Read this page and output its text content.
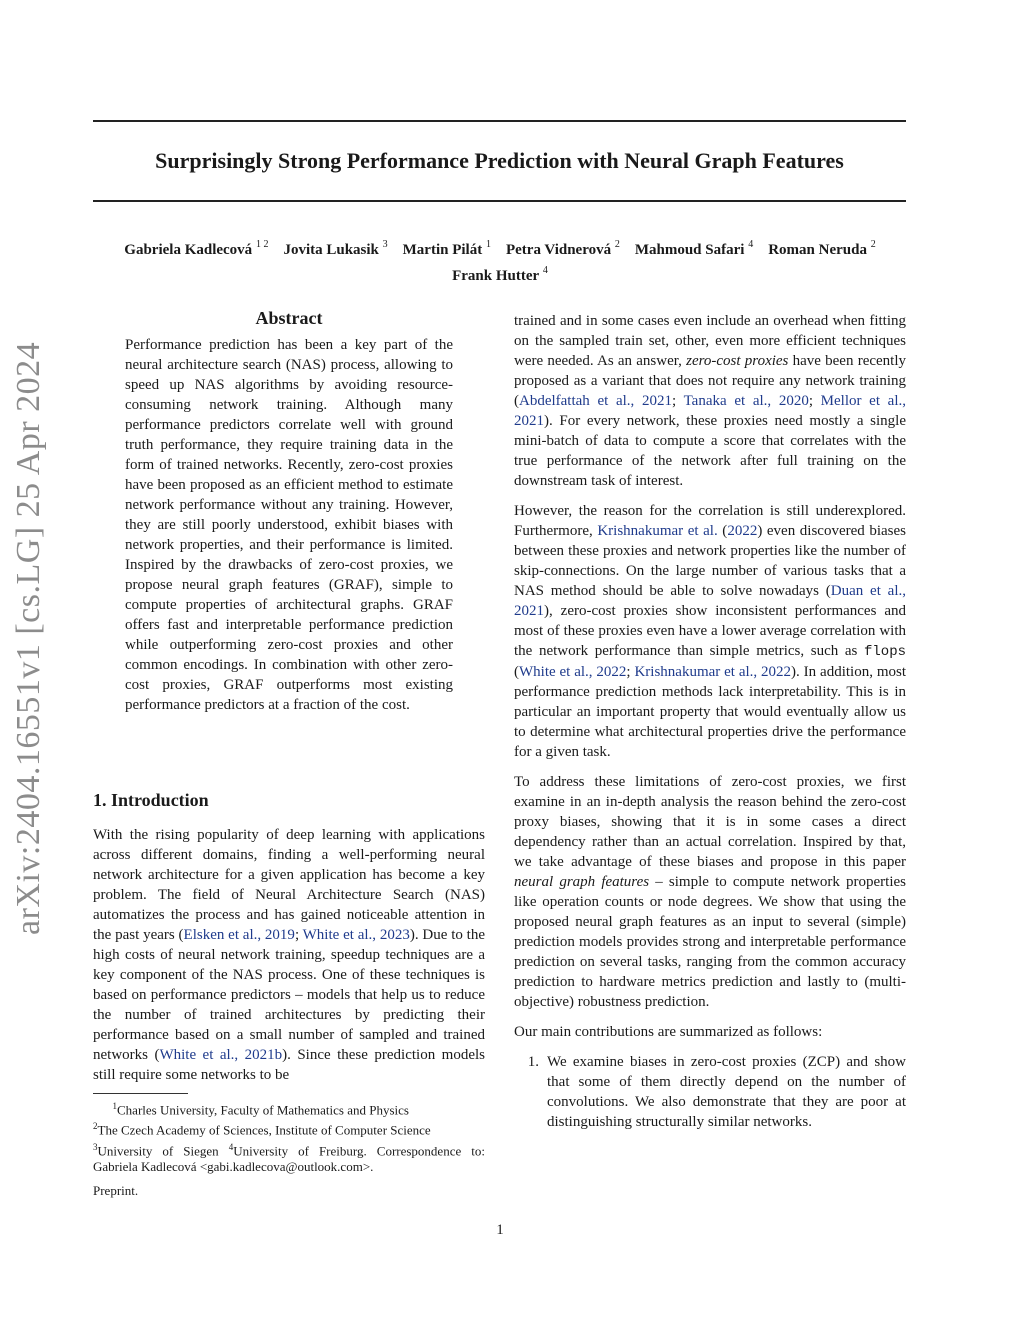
arXiv:2404.16551v1 [cs.LG] 25 Apr 2024
Surprisingly Strong Performance Prediction with Neural Graph Features
Gabriela Kadlecová $^{1 2}$ Jovita Lukasik $^3$ Martin Pilát $^1$ Petra Vidnerová $^2$ Mahmoud Safari $^4$ Roman Neruda $^2$
Frank Hutter $^4$
Abstract
Performance prediction has been a key part of the neural architecture search (NAS) process, allowing to speed up NAS algorithms by avoiding resource-consuming network training. Although many performance predictors correlate well with ground truth performance, they require training data in the form of trained networks. Recently, zero-cost proxies have been proposed as an efficient method to estimate network performance without any training. However, they are still poorly understood, exhibit biases with network properties, and their performance is limited. Inspired by the drawbacks of zero-cost proxies, we propose neural graph features (GRAF), simple to compute properties of architectural graphs. GRAF offers fast and interpretable performance prediction while outperforming zero-cost proxies and other common encodings. In combination with other zero-cost proxies, GRAF outperforms most existing performance predictors at a fraction of the cost.
1. Introduction
With the rising popularity of deep learning with applications across different domains, finding a well-performing neural network architecture for a given application has become a key problem. The field of Neural Architecture Search (NAS) automatizes the process and has gained noticeable attention in the past years (Elsken et al., 2019; White et al., 2023). Due to the high costs of neural network training, speedup techniques are a key component of the NAS process. One of these techniques is based on performance predictors – models that help us to reduce the number of trained architectures by predicting their performance based on a small number of sampled and trained networks (White et al., 2021b). Since these prediction models still require some networks to be
$^1$Charles University, Faculty of Mathematics and Physics
$^2$The Czech Academy of Sciences, Institute of Computer Science
$^3$University of Siegen $^4$University of Freiburg. Correspondence to: Gabriela Kadlecová <gabi.kadlecova@outlook.com>.
Preprint.

trained and in some cases even include an overhead when fitting on the sampled train set, other, even more efficient techniques were needed. As an answer, zero-cost proxies have been recently proposed as a variant that does not require any network training (Abdelfattah et al., 2021; Tanaka et al., 2020; Mellor et al., 2021). For every network, these proxies need mostly a single mini-batch of data to compute a score that correlates with the true performance of the network after full training on the downstream task of interest.

However, the reason for the correlation is still underexplored. Furthermore, Krishnakumar et al. (2022) even discovered biases between these proxies and network properties like the number of skip-connections. On the large number of various tasks that a NAS method should be able to solve nowadays (Duan et al., 2021), zero-cost proxies show inconsistent performances and most of these proxies even have a lower average correlation with the network performance than simple metrics, such as flops (White et al., 2022; Krishnakumar et al., 2022). In addition, most performance prediction methods lack interpretability. This is in particular an important property that would eventually allow us to determine what architectural properties drive the performance for a given task.

To address these limitations of zero-cost proxies, we first examine in an in-depth analysis the reason behind the zero-cost proxy biases, showing that it is in some cases a direct dependency rather than an actual correlation. Inspired by that, we take advantage of these biases and propose in this paper neural graph features – simple to compute network properties like operation counts or node degrees. We show that using the proposed neural graph features as an input to several (simple) prediction models provides strong and interpretable performance prediction on several tasks, ranging from the common accuracy prediction to hardware metrics prediction and lastly to (multi-objective) robustness prediction.

Our main contributions are summarized as follows:

1. We examine biases in zero-cost proxies (ZCP) and show that some of them directly depend on the number of convolutions. We also demonstrate that they are poor at distinguishing structurally similar networks.
1
